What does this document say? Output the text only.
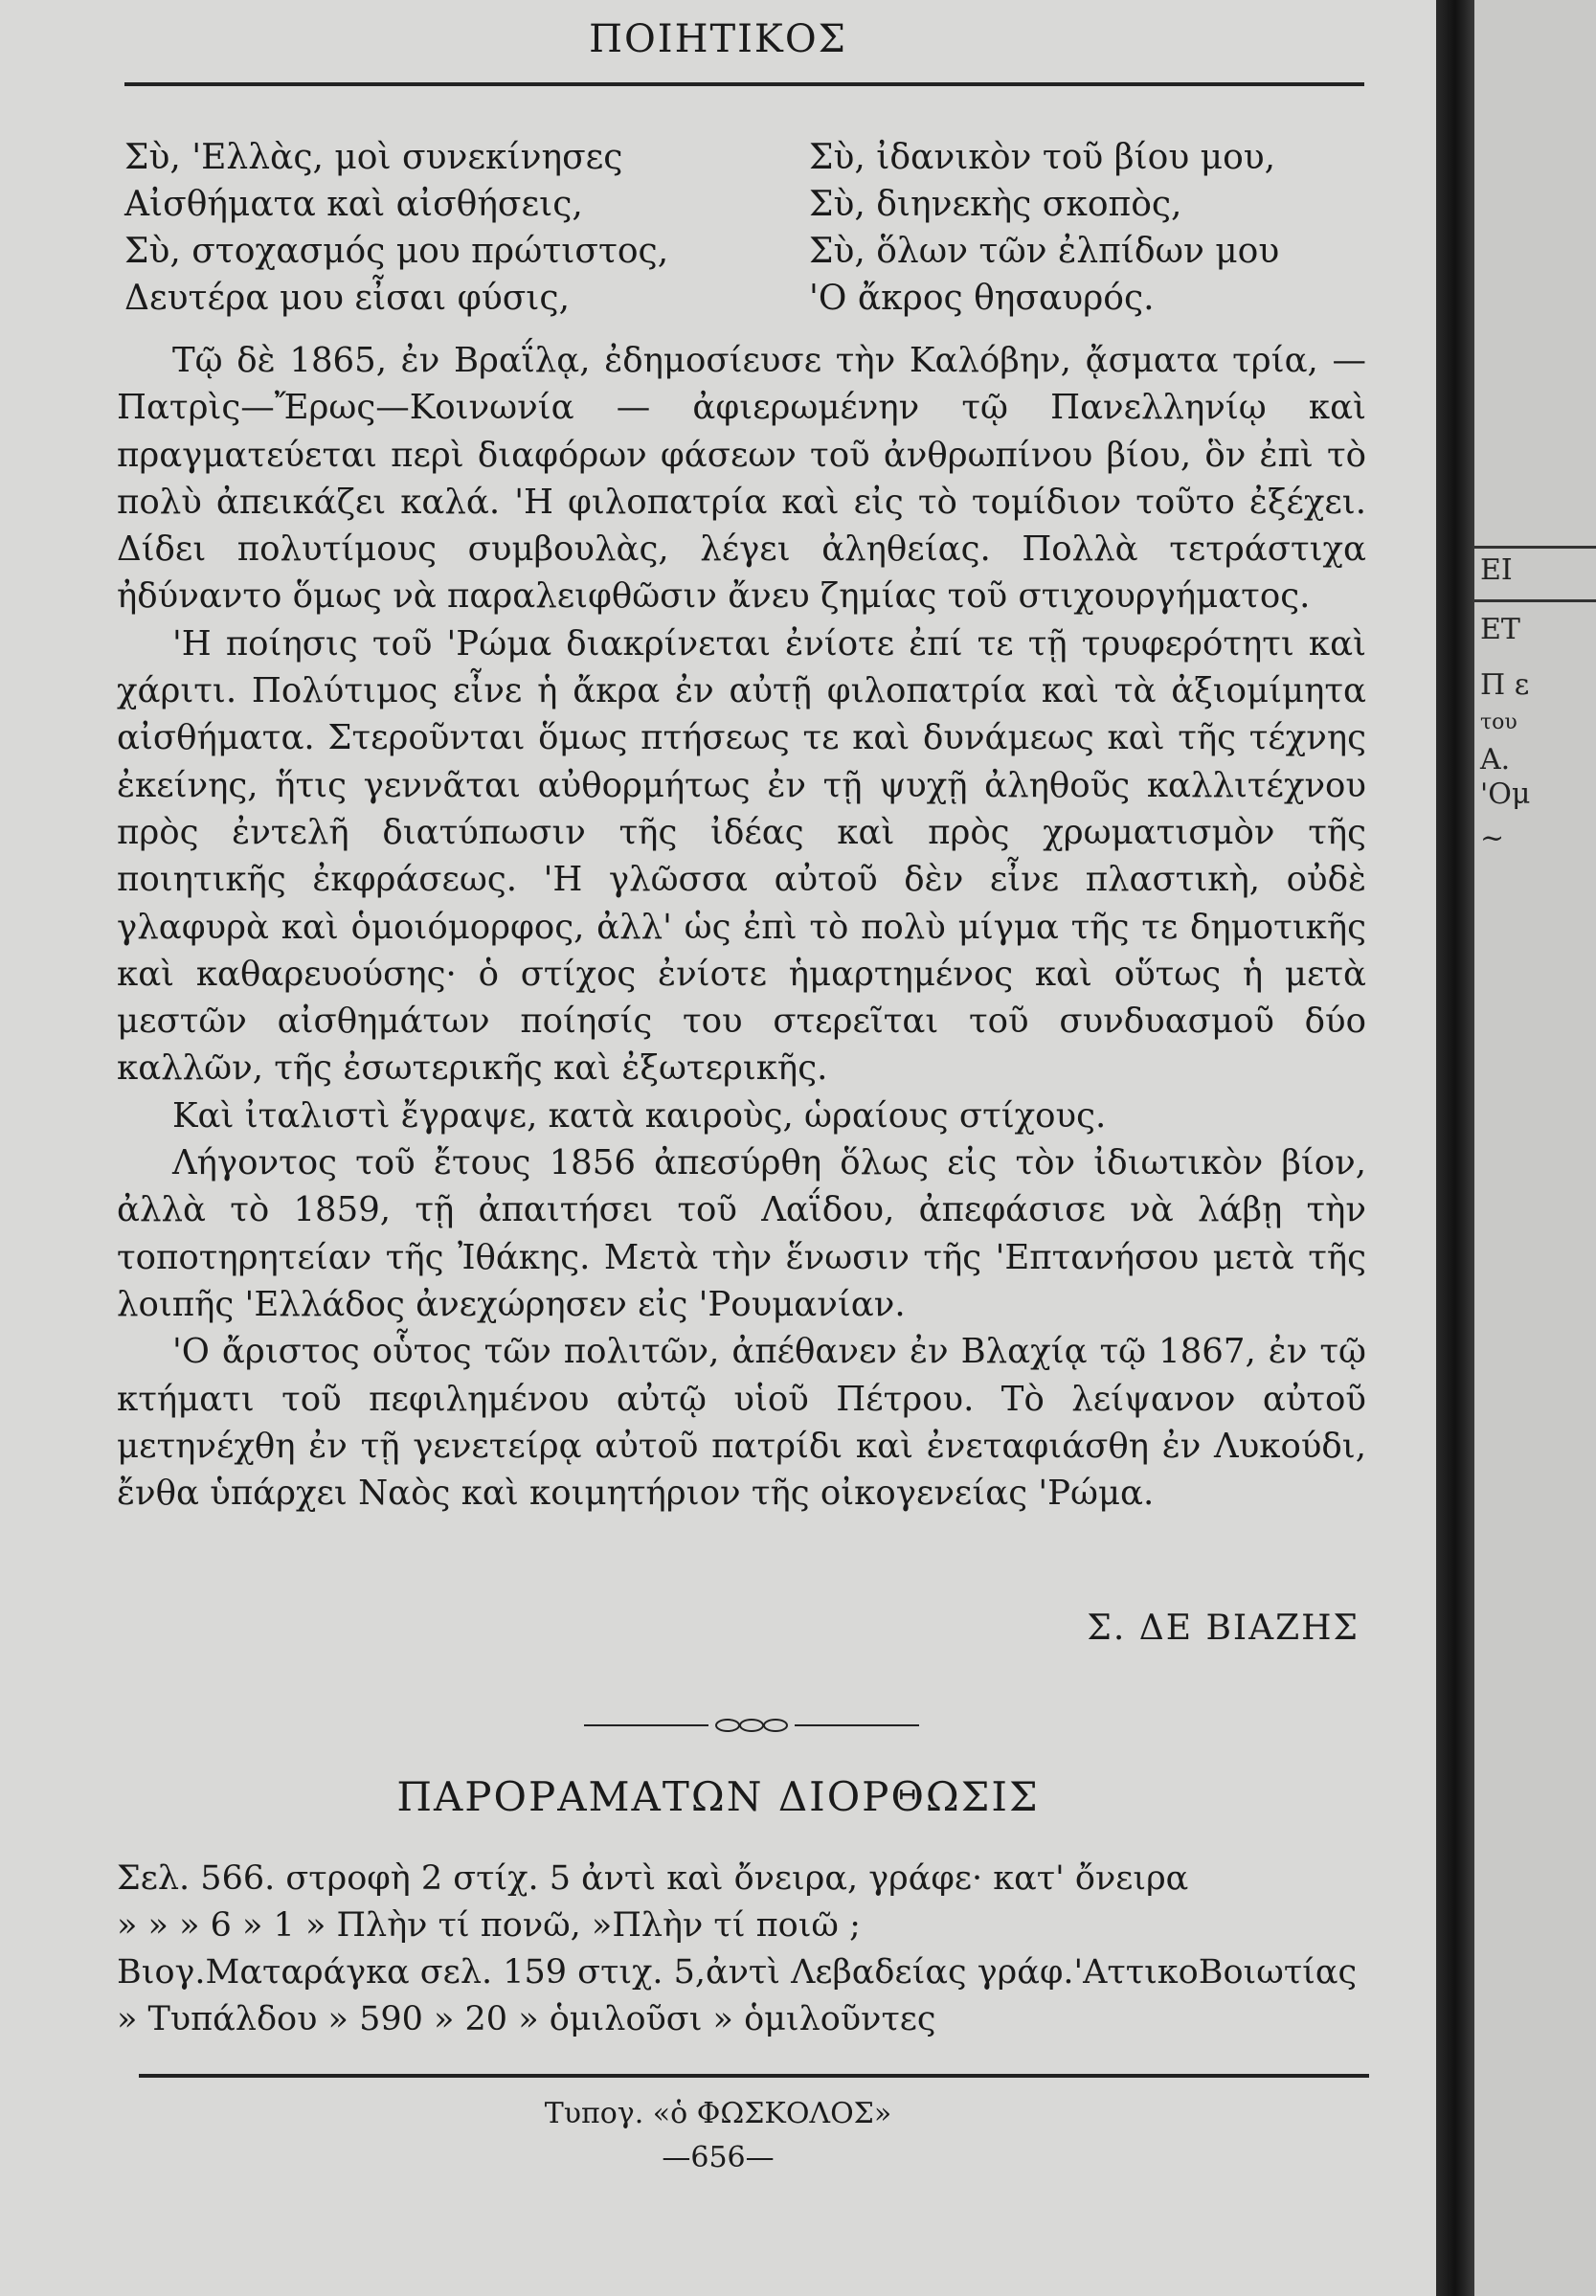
ΠΟΙΗΤΙΚΟΣ
Σὺ, 'Ελλὰς, μοὶ συνεκίνησες
Αἰσθήματα καὶ αἰσθήσεις,
Σὺ, στοχασμός μου πρώτιστος,
Δευτέρα μου εἶσαι φύσις,
Σὺ, ἰδανικὸν τοῦ βίου μου,
Σὺ, διηνεκὴς σκοπὸς,
Σὺ, ὅλων τῶν ἐλπίδων μου
'Ο ἄκρος θησαυρός.

Τῷ δὲ 1865, ἐν Βραΐλᾳ, ἐδημοσίευσε τὴν Καλόβην, ᾄσματα τρία, —Πατρὶς—Ἔρως—Κοινωνία — ἀφιερωμένην τῷ Πανελληνίῳ καὶ πραγματεύεται περὶ διαφόρων φάσεων τοῦ ἀνθρωπίνου βίου, ὃν ἐπὶ τὸ πολὺ ἀπεικάζει καλά. 'Η φιλοπατρία καὶ εἰς τὸ τομίδιον τοῦτο ἐξέχει. Δίδει πολυτίμους συμβουλὰς, λέγει ἀληθείας. Πολλὰ τετράστιχα ἠδύναντο ὅμως νὰ παραλειφθῶσιν ἄνευ ζημίας τοῦ στιχουργήματος.

'Η ποίησις τοῦ 'Ρώμα διακρίνεται ἐνίοτε ἐπί τε τῇ τρυφερότητι καὶ χάριτι. Πολύτιμος εἶνε ἡ ἄκρα ἐν αὐτῇ φιλοπατρία καὶ τὰ ἀξιομίμητα αἰσθήματα. Στεροῦνται ὅμως πτήσεως τε καὶ δυνάμεως καὶ τῆς τέχνης ἐκείνης, ἥτις γεννᾶται αὐθορμήτως ἐν τῇ ψυχῇ ἀληθοῦς καλλιτέχνου πρὸς ἐντελῆ διατύπωσιν τῆς ἰδέας καὶ πρὸς χρωματισμὸν τῆς ποιητικῆς ἐκφράσεως. 'Η γλῶσσα αὐτοῦ δὲν εἶνε πλαστικὴ, οὐδὲ γλαφυρὰ καὶ ὁμοιόμορφος, ἀλλ' ὡς ἐπὶ τὸ πολὺ μίγμα τῆς τε δημοτικῆς καὶ καθαρευούσης· ὁ στίχος ἐνίοτε ἡμαρτημένος καὶ οὕτως ἡ μετὰ μεστῶν αἰσθημάτων ποίησίς του στερεῖται τοῦ συνδυασμοῦ δύο καλλῶν, τῆς ἐσωτερικῆς καὶ ἐξωτερικῆς.

Καὶ ἰταλιστὶ ἔγραψε, κατὰ καιροὺς, ὡραίους στίχους.

Λήγοντος τοῦ ἔτους 1856 ἀπεσύρθη ὅλως εἰς τὸν ἰδιωτικὸν βίον, ἀλλὰ τὸ 1859, τῇ ἀπαιτήσει τοῦ Λαΐδου, ἀπεφάσισε νὰ λάβῃ τὴν τοποτηρητείαν τῆς Ἰθάκης. Μετὰ τὴν ἕνωσιν τῆς 'Επτανήσου μετὰ τῆς λοιπῆς 'Ελλάδος ἀνεχώρησεν εἰς 'Ρουμανίαν.

'Ο ἄριστος οὗτος τῶν πολιτῶν, ἀπέθανεν ἐν Βλαχίᾳ τῷ 1867, ἐν τῷ κτήματι τοῦ πεφιλημένου αὐτῷ υἱοῦ Πέτρου. Τὸ λείψανον αὐτοῦ μετηνέχθη ἐν τῇ γενετείρᾳ αὐτοῦ πατρίδι καὶ ἐνεταφιάσθη ἐν Λυκούδι, ἔνθα ὑπάρχει Ναὸς καὶ κοιμητήριον τῆς οἰκογενείας 'Ρώμα.

Σ. ΔΕ ΒΙΑΖΗΣ
ΠΑΡΟΡΑΜΑΤΩΝ ΔΙΟΡΘΩΣΙΣ
Σελ. 566. στροφὴ 2 στίχ. 5 ἀντὶ καὶ ὄνειρα, γράφε· κατ' ὄνειρα
» » » 6 » 1 » Πλὴν τί πονῶ, »Πλὴν τί ποιῶ ;
Βιογ.Ματαράγκα σελ. 159 στιχ. 5,ἀντὶ Λεβαδείας γράφ.'ΑττικοΒοιωτίας
» Τυπάλδου » 590 » 20 » ὁμιλοῦσι » ὁμιλοῦντες
Τυπογ. «ὁ ΦΩΣΚΟΛΟΣ»
—656—
ΕΙ
ΕΤ
Π ε
του
Α.
'Ομ
~
